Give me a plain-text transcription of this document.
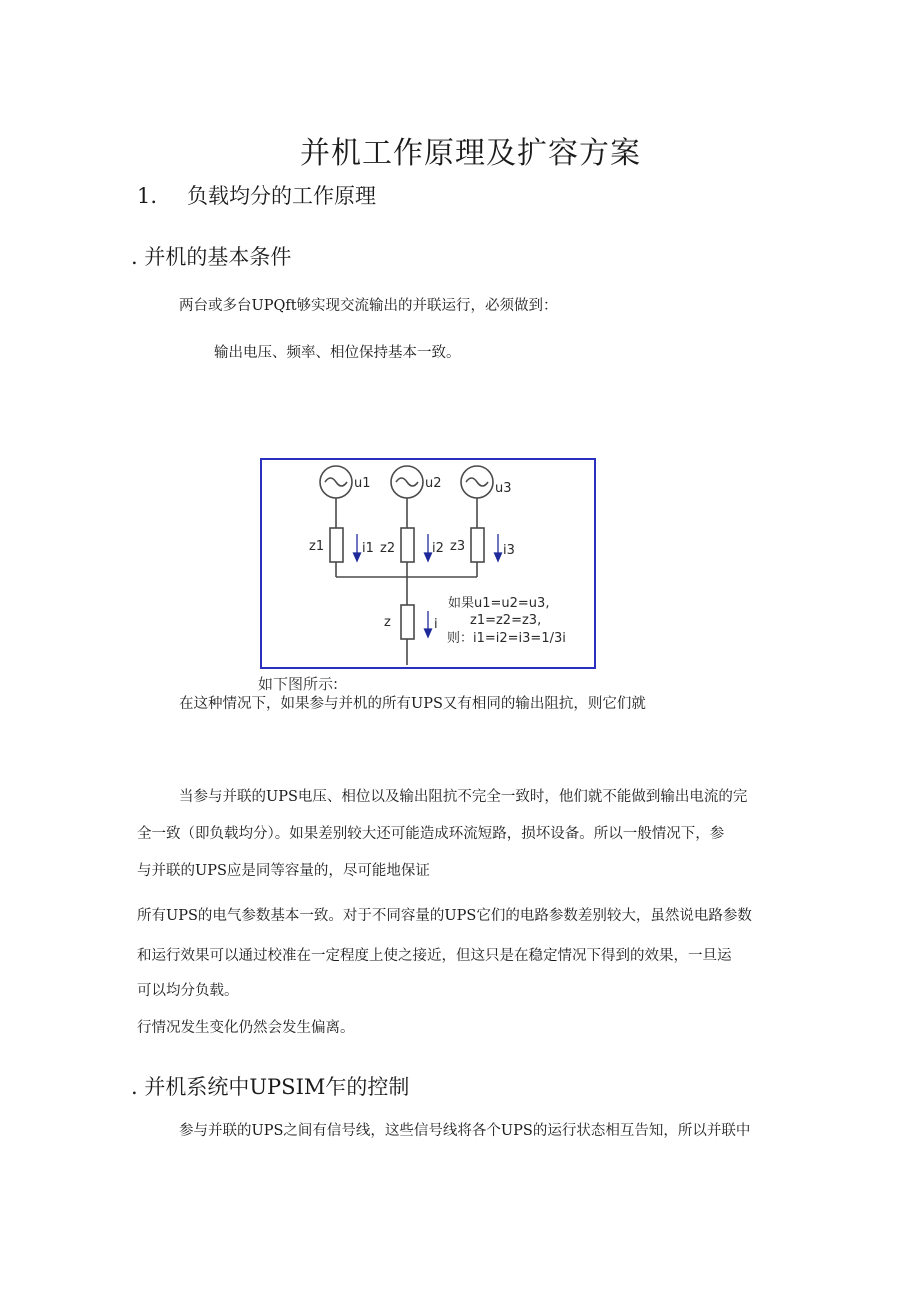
并机工作原理及扩容方案
1. 负载均分的工作原理
. 并机的基本条件
两台或多台UPQft够实现交流输出的并联运行，必须做到：
输出电压、频率、相位保持基本一致。
u1	u2	u3
z1	z2	z3
i1	i2	i3
z	i
如果u1=u2=u3,
z1=z2=z3,
则：i1=i2=i3=1/3i
如下图所示:
在这种情况下，如果参与并机的所有UPS又有相同的输出阻抗，则它们就
当参与并联的UPS电压、相位以及输出阻抗不完全一致时，他们就不能做到输出电流的完
全一致（即负载均分）。如果差别较大还可能造成环流短路，损坏设备。所以一般情况下，参
与并联的UPS应是同等容量的，尽可能地保证
所有UPS的电气参数基本一致。对于不同容量的UPS它们的电路参数差别较大，虽然说电路参数
和运行效果可以通过校准在一定程度上使之接近，但这只是在稳定情况下得到的效果，一旦运
可以均分负载。
行情况发生变化仍然会发生偏离。
. 并机系统中UPSIM乍的控制
参与并联的UPS之间有信号线，这些信号线将各个UPS的运行状态相互告知，所以并联中
